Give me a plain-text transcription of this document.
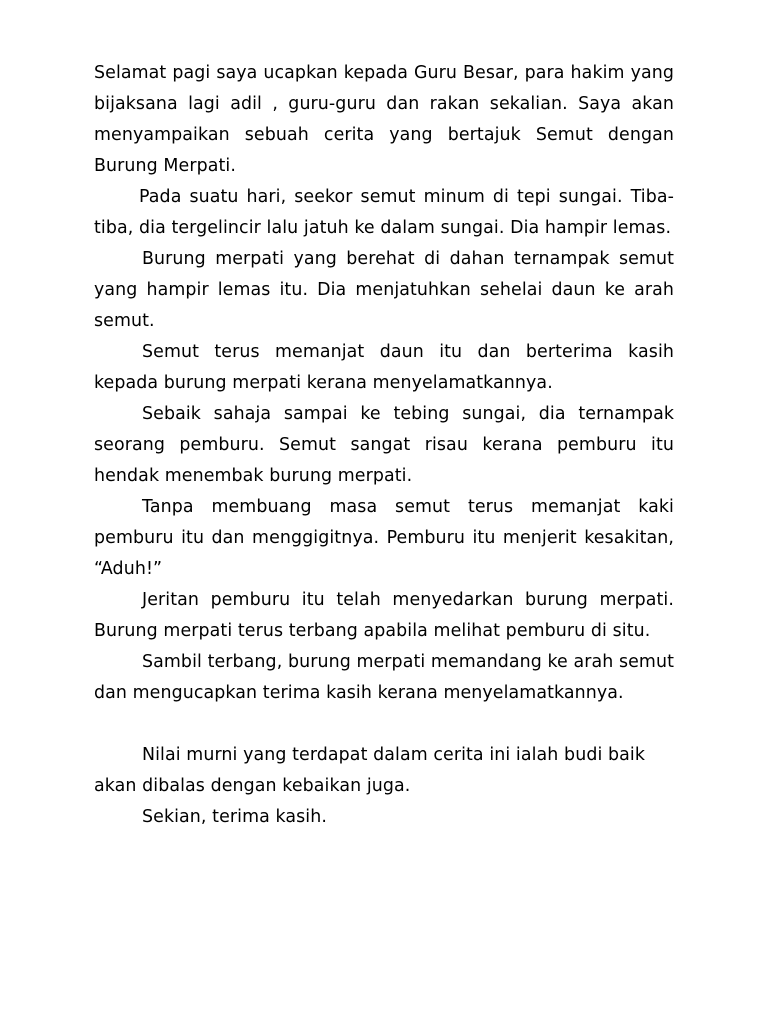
Selamat pagi saya ucapkan kepada Guru Besar, para hakim yang bijaksana lagi adil , guru-guru dan rakan sekalian. Saya akan menyampaikan sebuah cerita yang bertajuk Semut dengan Burung Merpati.

Pada suatu hari, seekor semut minum di tepi sungai. Tiba-tiba, dia tergelincir lalu jatuh ke dalam sungai. Dia hampir lemas.

Burung merpati yang berehat di dahan ternampak semut yang hampir lemas itu. Dia menjatuhkan sehelai daun ke arah semut.

Semut terus memanjat daun itu dan berterima kasih kepada burung merpati kerana menyelamatkannya.

Sebaik sahaja sampai ke tebing sungai, dia ternampak seorang pemburu. Semut sangat risau kerana pemburu itu hendak menembak burung merpati.

Tanpa membuang masa semut terus memanjat kaki pemburu itu dan menggigitnya. Pemburu itu menjerit kesakitan, “Aduh!”

Jeritan pemburu itu telah menyedarkan burung merpati. Burung merpati terus terbang apabila melihat pemburu di situ.

Sambil terbang, burung merpati memandang ke arah semut dan mengucapkan terima kasih kerana menyelamatkannya.

Nilai murni yang terdapat dalam cerita ini ialah budi baik akan dibalas dengan kebaikan juga.

Sekian, terima kasih.
